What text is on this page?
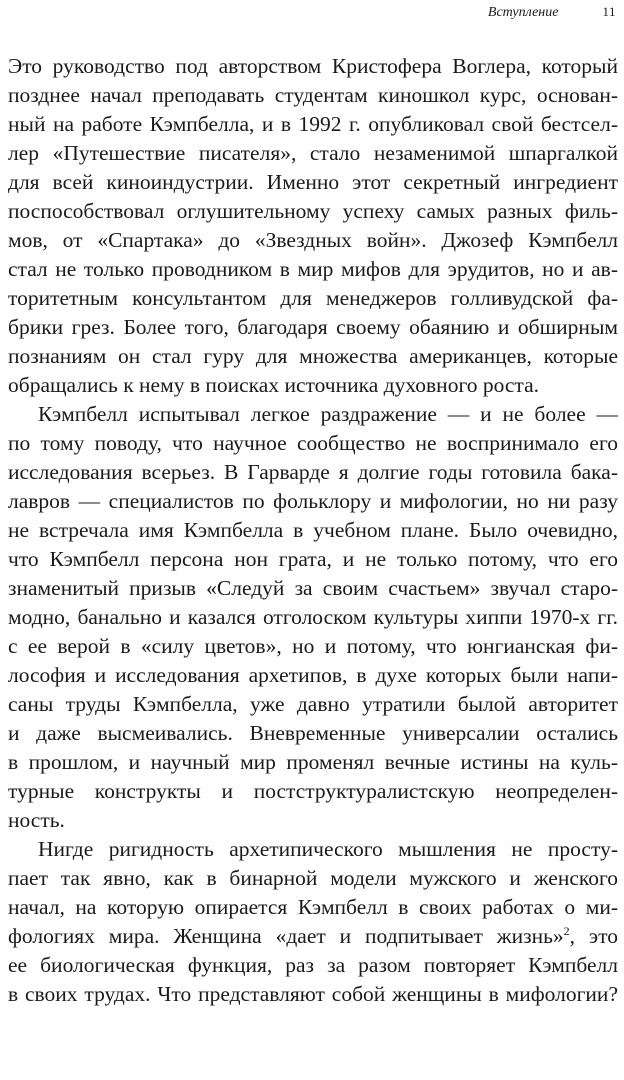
Вступление	11
Это руководство под авторством Кристофера Воглера, который
позднее начал преподавать студентам киношкол курс, основан-
ный на работе Кэмпбелла, и в 1992 г. опубликовал свой бестсел-
лер «Путешествие писателя», стало незаменимой шпаргалкой
для всей киноиндустрии. Именно этот секретный ингредиент
поспособствовал оглушительному успеху самых разных филь-
мов, от «Спартака» до «Звездных войн». Джозеф Кэмпбелл
стал не только проводником в мир мифов для эрудитов, но и ав-
торитетным консультантом для менеджеров голливудской фа-
брики грез. Более того, благодаря своему обаянию и обширным
познаниям он стал гуру для множества американцев, которые
обращались к нему в поисках источника духовного роста.
Кэмпбелл испытывал легкое раздражение — и не более —
по тому поводу, что научное сообщество не воспринимало его
исследования всерьез. В Гарварде я долгие годы готовила бака-
лавров — специалистов по фольклору и мифологии, но ни разу
не встречала имя Кэмпбелла в учебном плане. Было очевидно,
что Кэмпбелл персона нон грата, и не только потому, что его
знаменитый призыв «Следуй за своим счастьем» звучал старо-
модно, банально и казался отголоском культуры хиппи 1970-х гг.
с ее верой в «силу цветов», но и потому, что юнгианская фи-
лософия и исследования архетипов, в духе которых были напи-
саны труды Кэмпбелла, уже давно утратили былой авторитет
и даже высмеивались. Вневременные универсалии остались
в прошлом, и научный мир променял вечные истины на куль-
турные конструкты и постструктуралистскую неопределен-
ность.
Нигде ригидность архетипического мышления не просту-
пает так явно, как в бинарной модели мужского и женского
начал, на которую опирается Кэмпбелл в своих работах о ми-
фологиях мира. Женщина «дает и подпитывает жизнь»$^2$, это
ее биологическая функция, раз за разом повторяет Кэмпбелл
в своих трудах. Что представляют собой женщины в мифологии?
